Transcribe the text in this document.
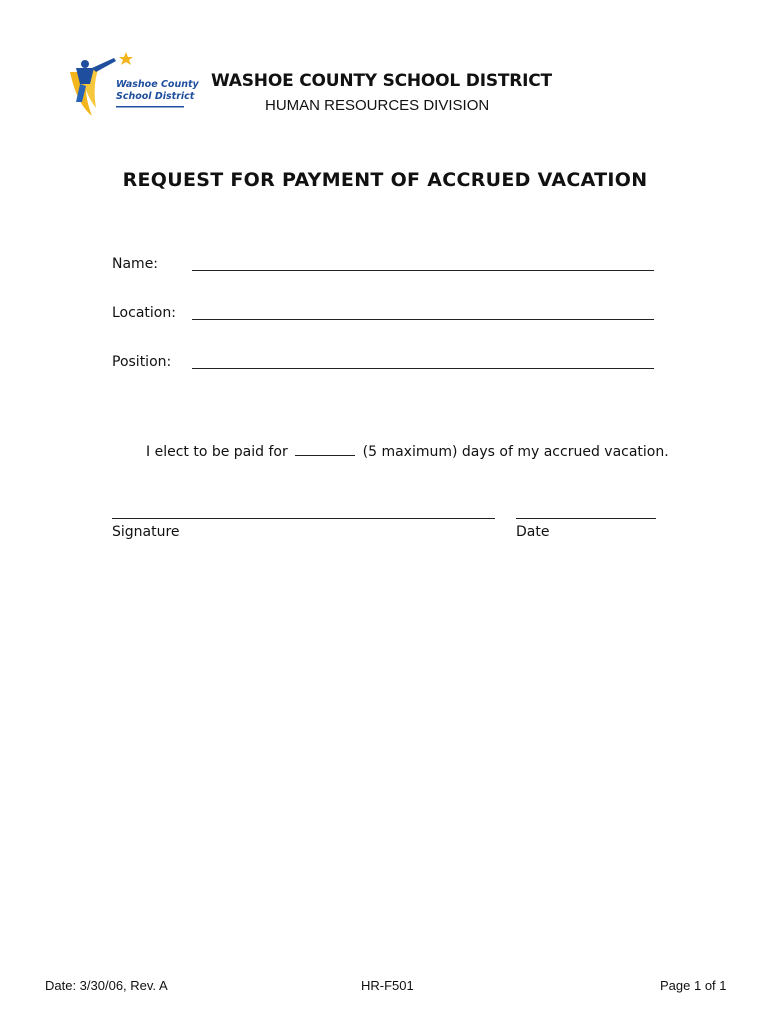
Washoe County
School District
WASHOE COUNTY SCHOOL DISTRICT
HUMAN RESOURCES DIVISION
REQUEST FOR PAYMENT OF ACCRUED VACATION
Name:
Location:
Position:
I elect to be paid for	(5 maximum) days of my accrued vacation.
Signature	Date
Date: 3/30/06, Rev. A	HR-F501	Page 1 of 1
